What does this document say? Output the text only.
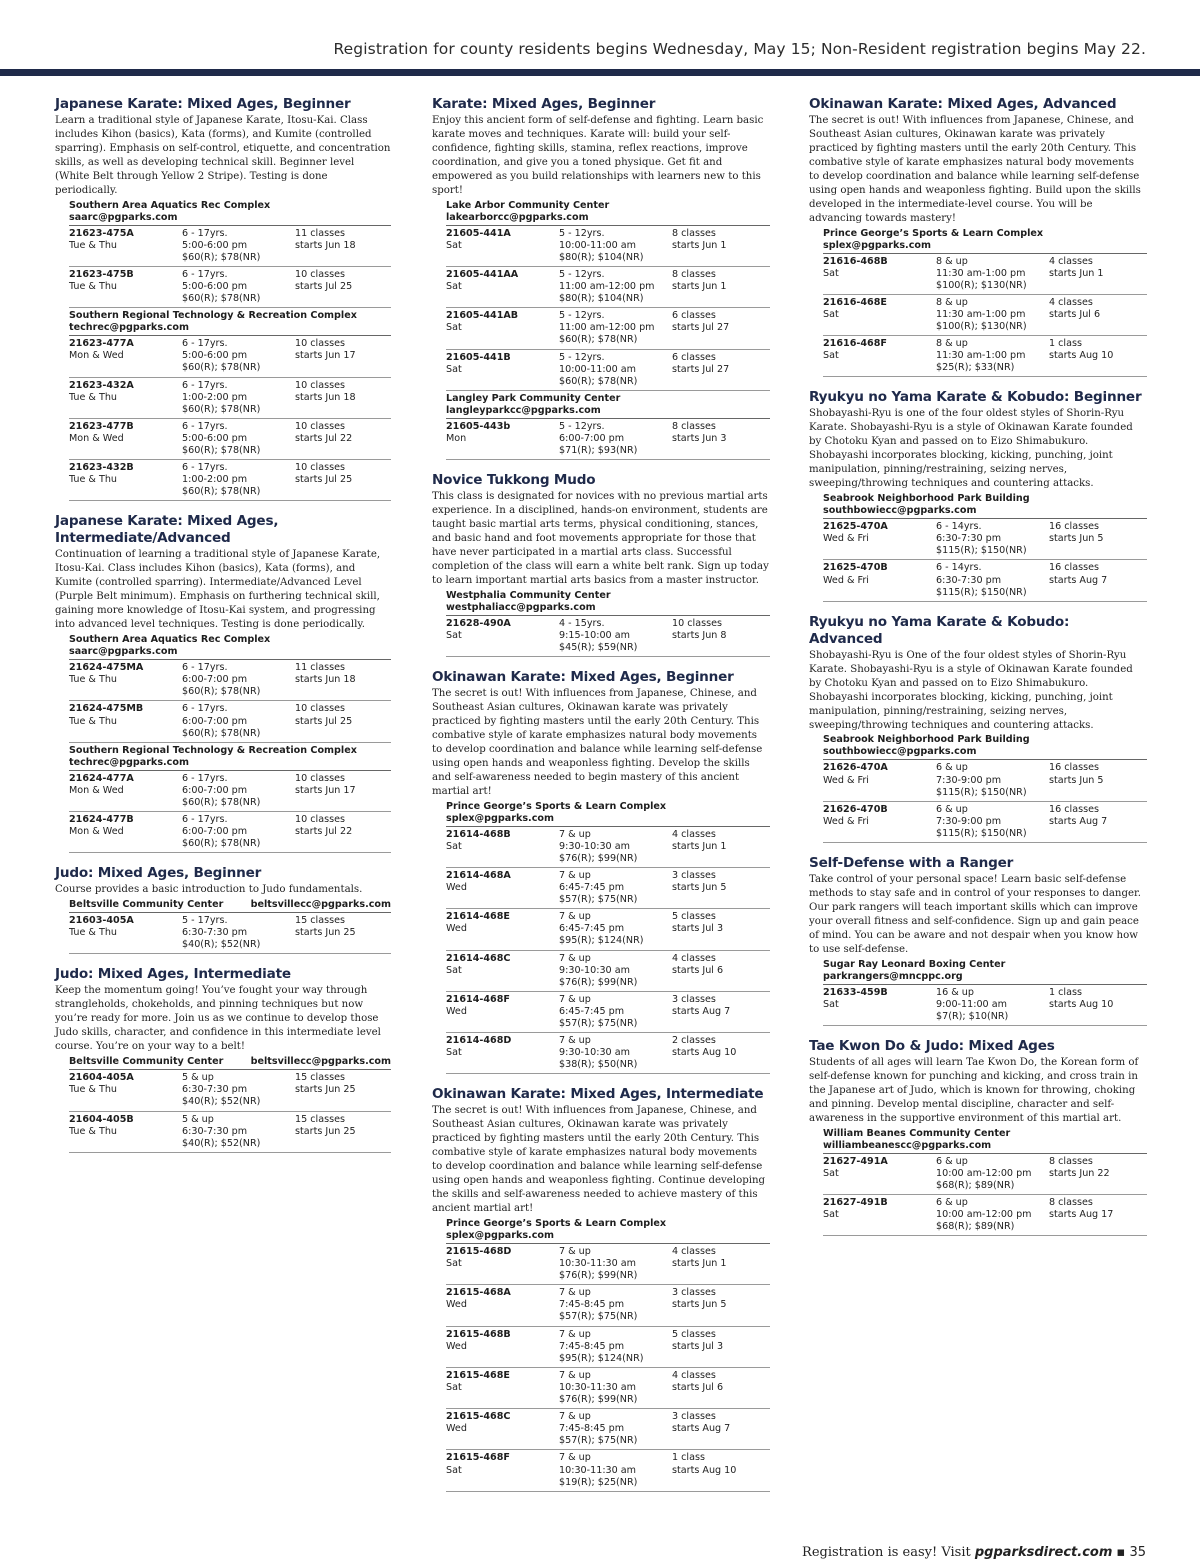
Registration for county residents begins Wednesday, May 15; Non-Resident registration begins May 22.
Japanese Karate: Mixed Ages, Beginner
Learn a traditional style of Japanese Karate, Itosu-Kai. Class includes Kihon (basics), Kata (forms), and Kumite (controlled sparring). Emphasis on self-control, etiquette, and concentration skills, as well as developing technical skill. Beginner level (White Belt through Yellow 2 Stripe). Testing is done periodically.
Southern Area Aquatics Rec Complex
saarc@pgparks.com
21623-475A
Tue & Thu
6 - 17yrs.
5:00-6:00 pm
$60(R); $78(NR)
11 classes
starts Jun 18
21623-475B
Tue & Thu
6 - 17yrs.
5:00-6:00 pm
$60(R); $78(NR)
10 classes
starts Jul 25
Southern Regional Technology & Recreation Complex
techrec@pgparks.com
21623-477A
Mon & Wed
6 - 17yrs.
5:00-6:00 pm
$60(R); $78(NR)
10 classes
starts Jun 17
21623-432A
Tue & Thu
6 - 17yrs.
1:00-2:00 pm
$60(R); $78(NR)
10 classes
starts Jun 18
21623-477B
Mon & Wed
6 - 17yrs.
5:00-6:00 pm
$60(R); $78(NR)
10 classes
starts Jul 22
21623-432B
Tue & Thu
6 - 17yrs.
1:00-2:00 pm
$60(R); $78(NR)
10 classes
starts Jul 25
Japanese Karate: Mixed Ages, Intermediate/Advanced
Continuation of learning a traditional style of Japanese Karate, Itosu-Kai. Class includes Kihon (basics), Kata (forms), and Kumite (controlled sparring). Intermediate/Advanced Level (Purple Belt minimum). Emphasis on furthering technical skill, gaining more knowledge of Itosu-Kai system, and progressing into advanced level techniques. Testing is done periodically.
Southern Area Aquatics Rec Complex
saarc@pgparks.com
21624-475MA
Tue & Thu
6 - 17yrs.
6:00-7:00 pm
$60(R); $78(NR)
11 classes
starts Jun 18
21624-475MB
Tue & Thu
6 - 17yrs.
6:00-7:00 pm
$60(R); $78(NR)
10 classes
starts Jul 25
Southern Regional Technology & Recreation Complex
techrec@pgparks.com
21624-477A
Mon & Wed
6 - 17yrs.
6:00-7:00 pm
$60(R); $78(NR)
10 classes
starts Jun 17
21624-477B
Mon & Wed
6 - 17yrs.
6:00-7:00 pm
$60(R); $78(NR)
10 classes
starts Jul 22
Judo: Mixed Ages, Beginner
Course provides a basic introduction to Judo fundamentals.
Beltsville Community Center	beltsvillecc@pgparks.com
21603-405A
Tue & Thu
5 - 17yrs.
6:30-7:30 pm
$40(R); $52(NR)
15 classes
starts Jun 25
Judo: Mixed Ages, Intermediate
Keep the momentum going! You’ve fought your way through strangleholds, chokeholds, and pinning techniques but now you’re ready for more. Join us as we continue to develop those Judo skills, character, and confidence in this intermediate level course. You’re on your way to a belt!
Beltsville Community Center	beltsvillecc@pgparks.com
21604-405A
Tue & Thu
5 & up
6:30-7:30 pm
$40(R); $52(NR)
15 classes
starts Jun 25
21604-405B
Tue & Thu
5 & up
6:30-7:30 pm
$40(R); $52(NR)
15 classes
starts Jun 25
Karate: Mixed Ages, Beginner
Enjoy this ancient form of self-defense and fighting. Learn basic karate moves and techniques. Karate will: build your self-confidence, fighting skills, stamina, reflex reactions, improve coordination, and give you a toned physique. Get fit and empowered as you build relationships with learners new to this sport!
Lake Arbor Community Center
lakearborcc@pgparks.com
21605-441A
Sat
5 - 12yrs.
10:00-11:00 am
$80(R); $104(NR)
8 classes
starts Jun 1
21605-441AA
Sat
5 - 12yrs.
11:00 am-12:00 pm
$80(R); $104(NR)
8 classes
starts Jun 1
21605-441AB
Sat
5 - 12yrs.
11:00 am-12:00 pm
$60(R); $78(NR)
6 classes
starts Jul 27
21605-441B
Sat
5 - 12yrs.
10:00-11:00 am
$60(R); $78(NR)
6 classes
starts Jul 27
Langley Park Community Center
langleyparkcc@pgparks.com
21605-443b
Mon
5 - 12yrs.
6:00-7:00 pm
$71(R); $93(NR)
8 classes
starts Jun 3
Novice Tukkong Mudo
This class is designated for novices with no previous martial arts experience. In a disciplined, hands-on environment, students are taught basic martial arts terms, physical conditioning, stances, and basic hand and foot movements appropriate for those that have never participated in a martial arts class. Successful completion of the class will earn a white belt rank. Sign up today to learn important martial arts basics from a master instructor.
Westphalia Community Center
westphaliacc@pgparks.com
21628-490A
Sat
4 - 15yrs.
9:15-10:00 am
$45(R); $59(NR)
10 classes
starts Jun 8
Okinawan Karate: Mixed Ages, Beginner
The secret is out! With influences from Japanese, Chinese, and Southeast Asian cultures, Okinawan karate was privately practiced by fighting masters until the early 20th Century. This combative style of karate emphasizes natural body movements to develop coordination and balance while learning self-defense using open hands and weaponless fighting. Develop the skills and self-awareness needed to begin mastery of this ancient martial art!
Prince George’s Sports & Learn Complex
splex@pgparks.com
21614-468B
Sat
7 & up
9:30-10:30 am
$76(R); $99(NR)
4 classes
starts Jun 1
21614-468A
Wed
7 & up
6:45-7:45 pm
$57(R); $75(NR)
3 classes
starts Jun 5
21614-468E
Wed
7 & up
6:45-7:45 pm
$95(R); $124(NR)
5 classes
starts Jul 3
21614-468C
Sat
7 & up
9:30-10:30 am
$76(R); $99(NR)
4 classes
starts Jul 6
21614-468F
Wed
7 & up
6:45-7:45 pm
$57(R); $75(NR)
3 classes
starts Aug 7
21614-468D
Sat
7 & up
9:30-10:30 am
$38(R); $50(NR)
2 classes
starts Aug 10
Okinawan Karate: Mixed Ages, Intermediate
The secret is out! With influences from Japanese, Chinese, and Southeast Asian cultures, Okinawan karate was privately practiced by fighting masters until the early 20th Century. This combative style of karate emphasizes natural body movements to develop coordination and balance while learning self-defense using open hands and weaponless fighting. Continue developing the skills and self-awareness needed to achieve mastery of this ancient martial art!
Prince George’s Sports & Learn Complex
splex@pgparks.com
21615-468D
Sat
7 & up
10:30-11:30 am
$76(R); $99(NR)
4 classes
starts Jun 1
21615-468A
Wed
7 & up
7:45-8:45 pm
$57(R); $75(NR)
3 classes
starts Jun 5
21615-468B
Wed
7 & up
7:45-8:45 pm
$95(R); $124(NR)
5 classes
starts Jul 3
21615-468E
Sat
7 & up
10:30-11:30 am
$76(R); $99(NR)
4 classes
starts Jul 6
21615-468C
Wed
7 & up
7:45-8:45 pm
$57(R); $75(NR)
3 classes
starts Aug 7
21615-468F
Sat
7 & up
10:30-11:30 am
$19(R); $25(NR)
1 class
starts Aug 10
Okinawan Karate: Mixed Ages, Advanced
The secret is out! With influences from Japanese, Chinese, and Southeast Asian cultures, Okinawan karate was privately practiced by fighting masters until the early 20th Century. This combative style of karate emphasizes natural body movements to develop coordination and balance while learning self-defense using open hands and weaponless fighting. Build upon the skills developed in the intermediate-level course. You will be advancing towards mastery!
Prince George’s Sports & Learn Complex
splex@pgparks.com
21616-468B
Sat
8 & up
11:30 am-1:00 pm
$100(R); $130(NR)
4 classes
starts Jun 1
21616-468E
Sat
8 & up
11:30 am-1:00 pm
$100(R); $130(NR)
4 classes
starts Jul 6
21616-468F
Sat
8 & up
11:30 am-1:00 pm
$25(R); $33(NR)
1 class
starts Aug 10
Ryukyu no Yama Karate & Kobudo: Beginner
Shobayashi-Ryu is one of the four oldest styles of Shorin-Ryu Karate. Shobayashi-Ryu is a style of Okinawan Karate founded by Chotoku Kyan and passed on to Eizo Shimabukuro. Shobayashi incorporates blocking, kicking, punching, joint manipulation, pinning/restraining, seizing nerves, sweeping/throwing techniques and countering attacks.
Seabrook Neighborhood Park Building
southbowiecc@pgparks.com
21625-470A
Wed & Fri
6 - 14yrs.
6:30-7:30 pm
$115(R); $150(NR)
16 classes
starts Jun 5
21625-470B
Wed & Fri
6 - 14yrs.
6:30-7:30 pm
$115(R); $150(NR)
16 classes
starts Aug 7
Ryukyu no Yama Karate & Kobudo: Advanced
Shobayashi-Ryu is One of the four oldest styles of Shorin-Ryu Karate. Shobayashi-Ryu is a style of Okinawan Karate founded by Chotoku Kyan and passed on to Eizo Shimabukuro. Shobayashi incorporates blocking, kicking, punching, joint manipulation, pinning/restraining, seizing nerves, sweeping/throwing techniques and countering attacks.
Seabrook Neighborhood Park Building
southbowiecc@pgparks.com
21626-470A
Wed & Fri
6 & up
7:30-9:00 pm
$115(R); $150(NR)
16 classes
starts Jun 5
21626-470B
Wed & Fri
6 & up
7:30-9:00 pm
$115(R); $150(NR)
16 classes
starts Aug 7
Self-Defense with a Ranger
Take control of your personal space! Learn basic self-defense methods to stay safe and in control of your responses to danger. Our park rangers will teach important skills which can improve your overall fitness and self-confidence. Sign up and gain peace of mind. You can be aware and not despair when you know how to use self-defense.
Sugar Ray Leonard Boxing Center
parkrangers@mncppc.org
21633-459B
Sat
16 & up
9:00-11:00 am
$7(R); $10(NR)
1 class
starts Aug 10
Tae Kwon Do & Judo: Mixed Ages
Students of all ages will learn Tae Kwon Do, the Korean form of self-defense known for punching and kicking, and cross train in the Japanese art of Judo, which is known for throwing, choking and pinning. Develop mental discipline, character and self-awareness in the supportive environment of this martial art.
William Beanes Community Center
williambeanescc@pgparks.com
21627-491A
Sat
6 & up
10:00 am-12:00 pm
$68(R); $89(NR)
8 classes
starts Jun 22
21627-491B
Sat
6 & up
10:00 am-12:00 pm
$68(R); $89(NR)
8 classes
starts Aug 17
Registration is easy! Visit pgparksdirect.com ▪ 35
